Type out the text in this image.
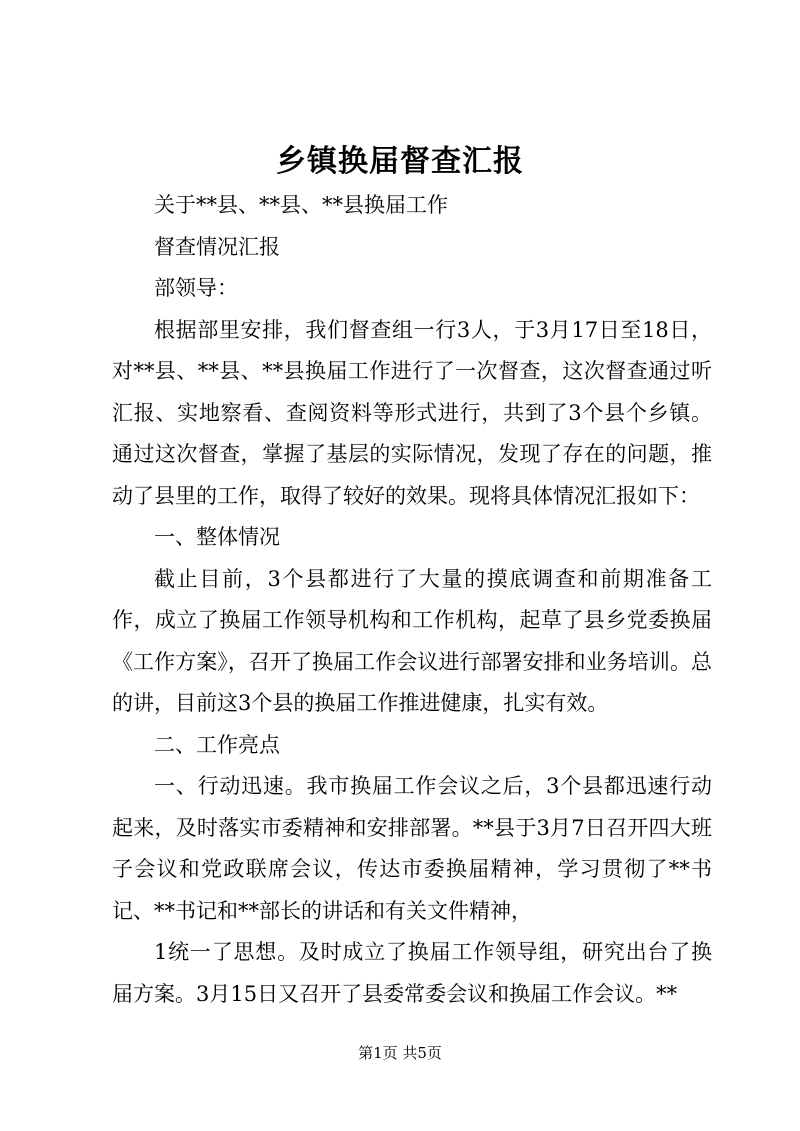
乡镇换届督查汇报

关于**县、**县、**县换届工作

督查情况汇报

部领导：

根据部里安排，我们督查组一行3人，于3月17日至18日，对**县、**县、**县换届工作进行了一次督查，这次督查通过听汇报、实地察看、查阅资料等形式进行，共到了3个县个乡镇。通过这次督查，掌握了基层的实际情况，发现了存在的问题，推动了县里的工作，取得了较好的效果。现将具体情况汇报如下：

一、整体情况

截止目前，3个县都进行了大量的摸底调查和前期准备工作，成立了换届工作领导机构和工作机构，起草了县乡党委换届《工作方案》，召开了换届工作会议进行部署安排和业务培训。总的讲，目前这3个县的换届工作推进健康，扎实有效。

二、工作亮点

一、行动迅速。我市换届工作会议之后，3个县都迅速行动起来，及时落实市委精神和安排部署。**县于3月7日召开四大班子会议和党政联席会议，传达市委换届精神，学习贯彻了**书记、**书记和**部长的讲话和有关文件精神，

1统一了思想。及时成立了换届工作领导组，研究出台了换届方案。3月15日又召开了县委常委会议和换届工作会议。**

第1页 共5页
